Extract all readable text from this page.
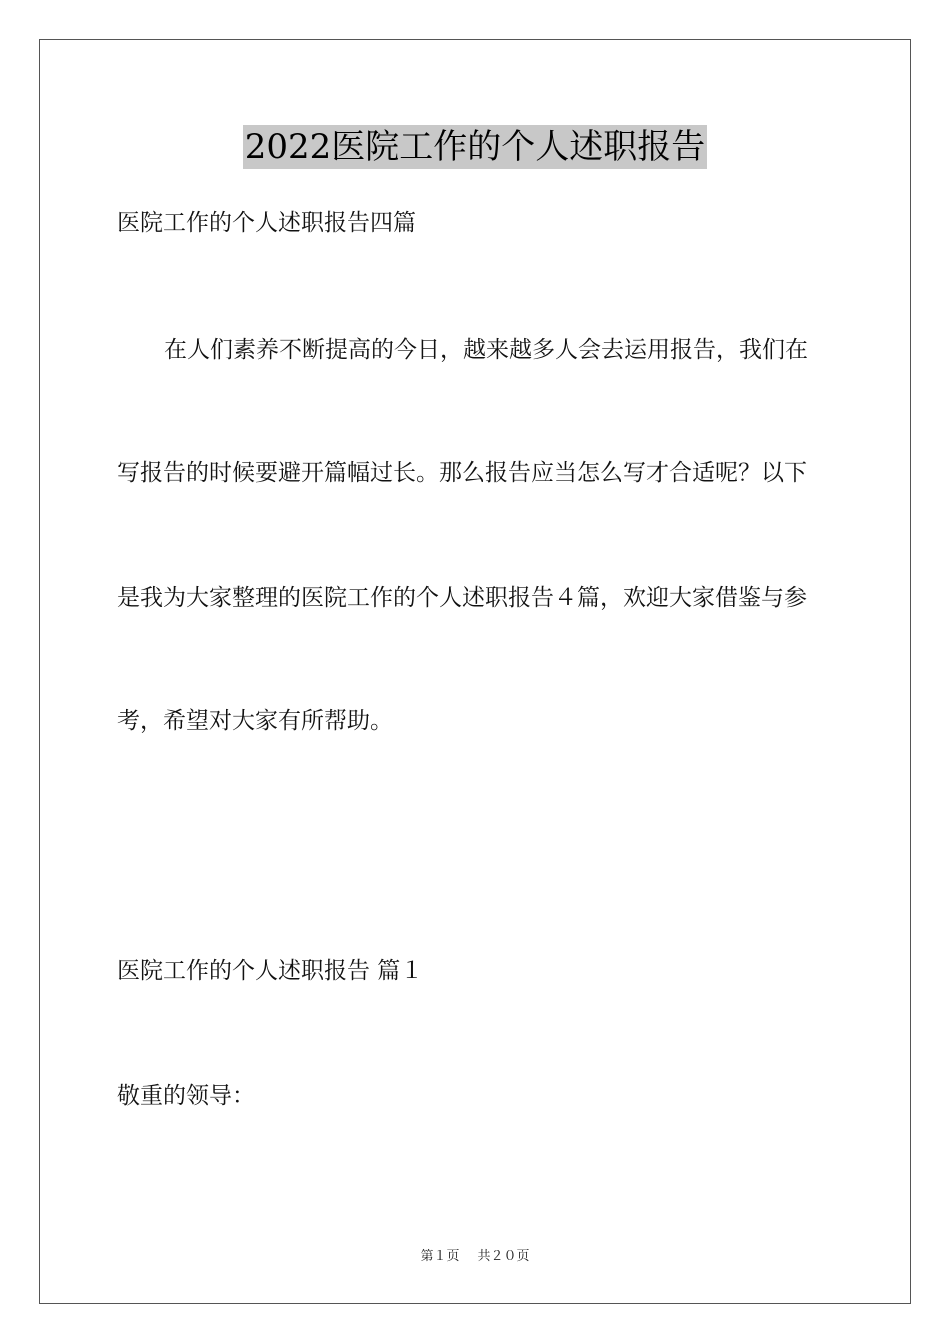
2022医院工作的个人述职报告
医院工作的个人述职报告四篇
在人们素养不断提高的今日，越来越多人会去运用报告，我们在
写报告的时候要避开篇幅过长。那么报告应当怎么写才合适呢？以下
是我为大家整理的医院工作的个人述职报告４篇，欢迎大家借鉴与参
考，希望对大家有所帮助。
医院工作的个人述职报告 篇１
敬重的领导：
第１页 共２０页
